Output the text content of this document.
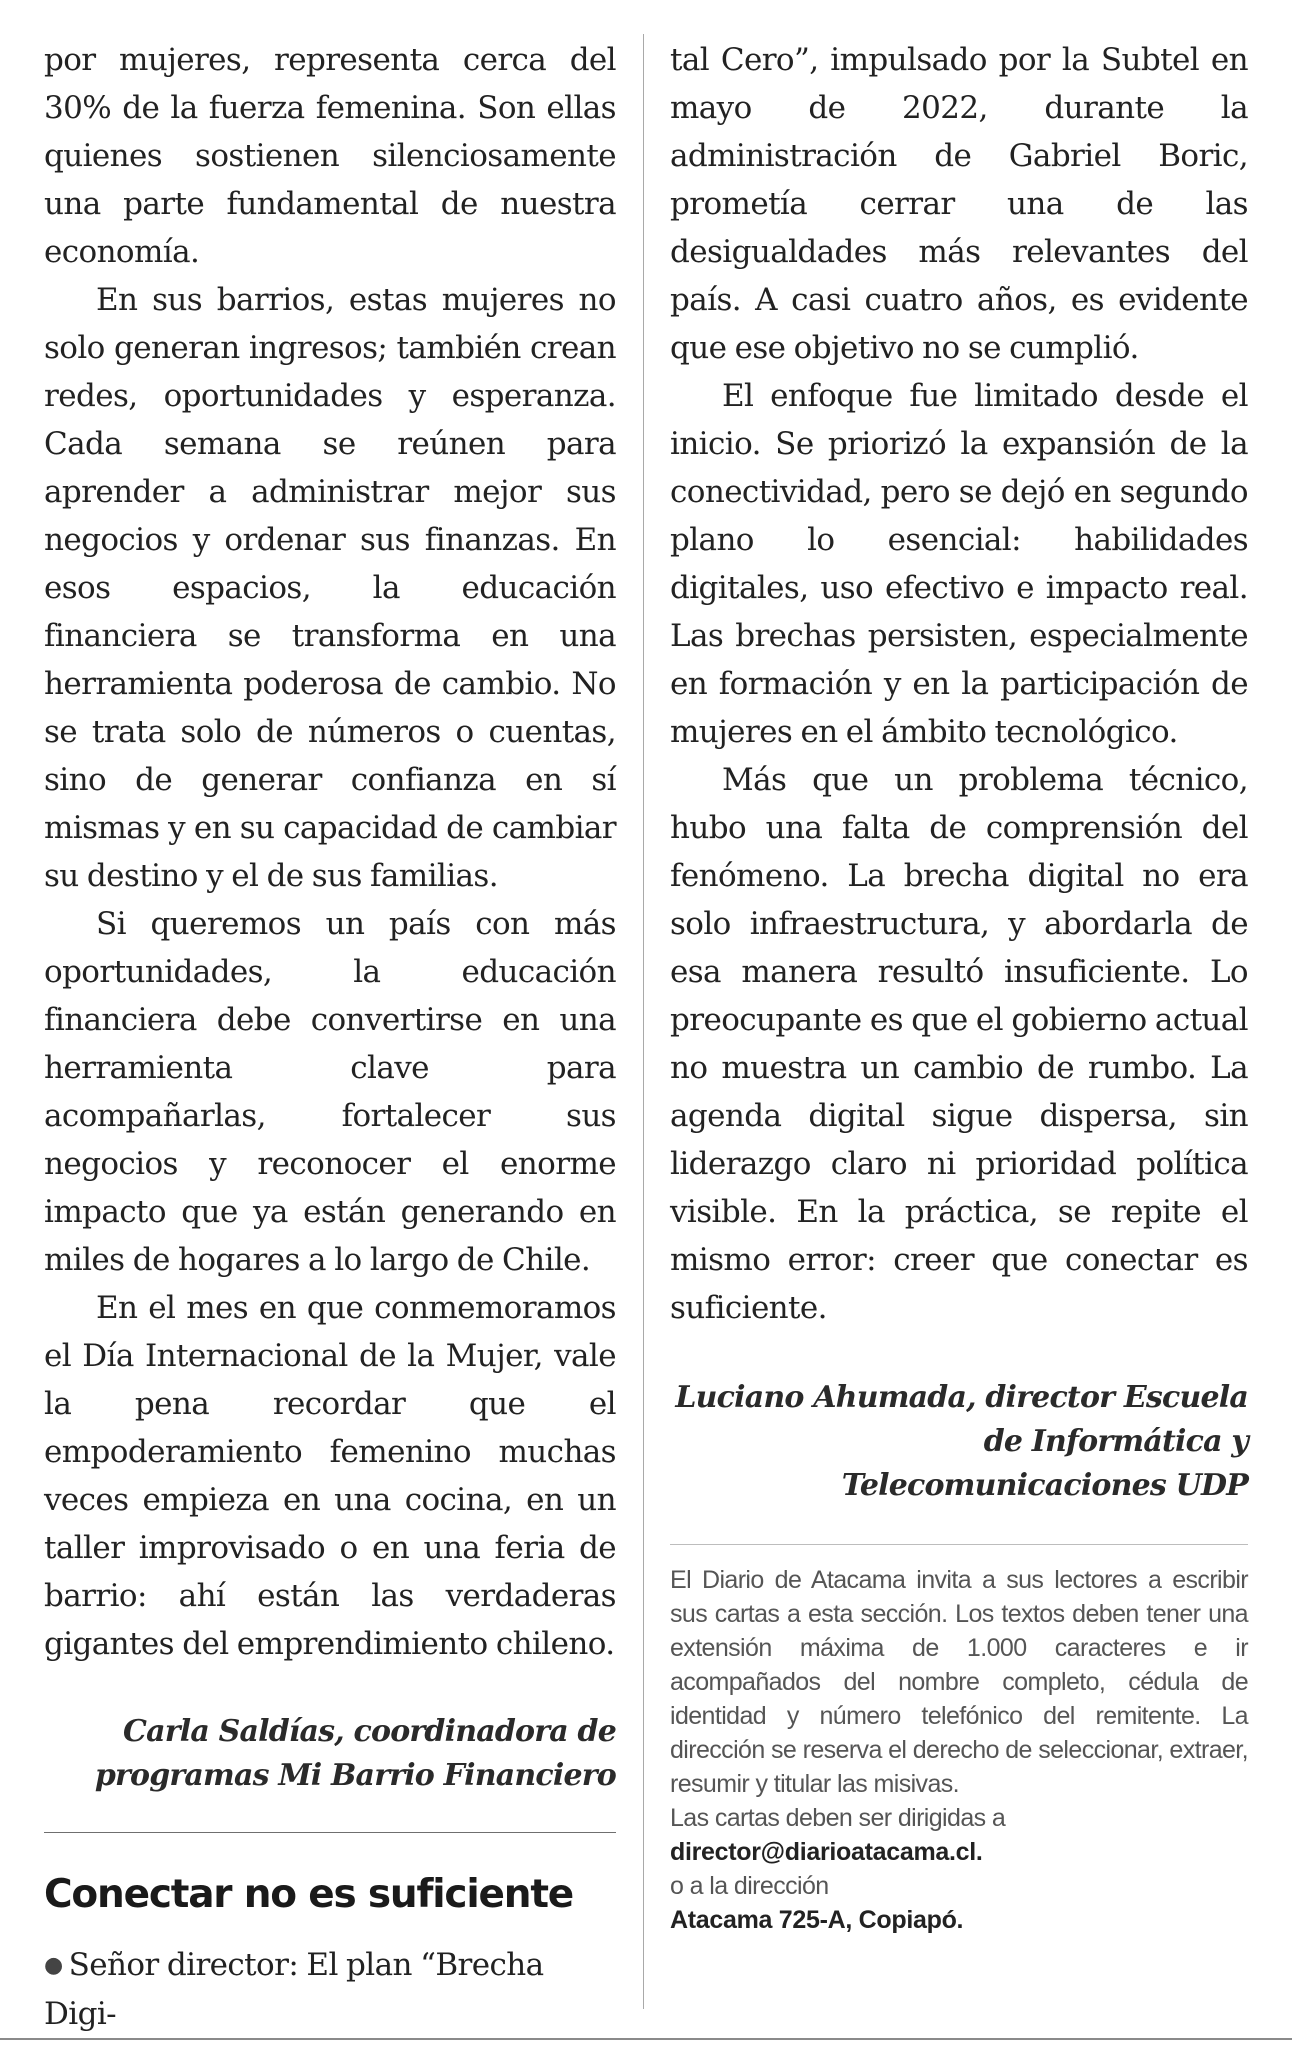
por mujeres, representa cerca del 30% de la fuerza femenina. Son ellas quienes sostienen silenciosamente una parte fundamental de nuestra economía.

En sus barrios, estas mujeres no solo generan ingresos; también crean redes, oportunidades y esperanza. Cada semana se reúnen para aprender a administrar mejor sus negocios y ordenar sus finanzas. En esos espacios, la educación financiera se transforma en una herramienta poderosa de cambio. No se trata solo de números o cuentas, sino de generar confianza en sí mismas y en su capacidad de cambiar su destino y el de sus familias.

Si queremos un país con más oportunidades, la educación financiera debe convertirse en una herramienta clave para acompañarlas, fortalecer sus negocios y reconocer el enorme impacto que ya están generando en miles de hogares a lo largo de Chile.

En el mes en que conmemoramos el Día Internacional de la Mujer, vale la pena recordar que el empoderamiento femenino muchas veces empieza en una cocina, en un taller improvisado o en una feria de barrio: ahí están las verdaderas gigantes del emprendimiento chileno.

Carla Saldías, coordinadora de programas Mi Barrio Financiero

Conectar no es suficiente

● Señor director: El plan “Brecha Digi-

tal Cero”, impulsado por la Subtel en mayo de 2022, durante la administración de Gabriel Boric, prometía cerrar una de las desigualdades más relevantes del país. A casi cuatro años, es evidente que ese objetivo no se cumplió.

El enfoque fue limitado desde el inicio. Se priorizó la expansión de la conectividad, pero se dejó en segundo plano lo esencial: habilidades digitales, uso efectivo e impacto real. Las brechas persisten, especialmente en formación y en la participación de mujeres en el ámbito tecnológico.

Más que un problema técnico, hubo una falta de comprensión del fenómeno. La brecha digital no era solo infraestructura, y abordarla de esa manera resultó insuficiente. Lo preocupante es que el gobierno actual no muestra un cambio de rumbo. La agenda digital sigue dispersa, sin liderazgo claro ni prioridad política visible. En la práctica, se repite el mismo error: creer que conectar es suficiente.

Luciano Ahumada, director Escuela de Informática y Telecomunicaciones UDP

El Diario de Atacama invita a sus lectores a escribir sus cartas a esta sección. Los textos deben tener una extensión máxima de 1.000 caracteres e ir acompañados del nombre completo, cédula de identidad y número telefónico del remitente. La dirección se reserva el derecho de seleccionar, extraer, resumir y titular las misivas.

Las cartas deben ser dirigidas a

director@diarioatacama.cl.

o a la dirección

Atacama 725-A, Copiapó.
